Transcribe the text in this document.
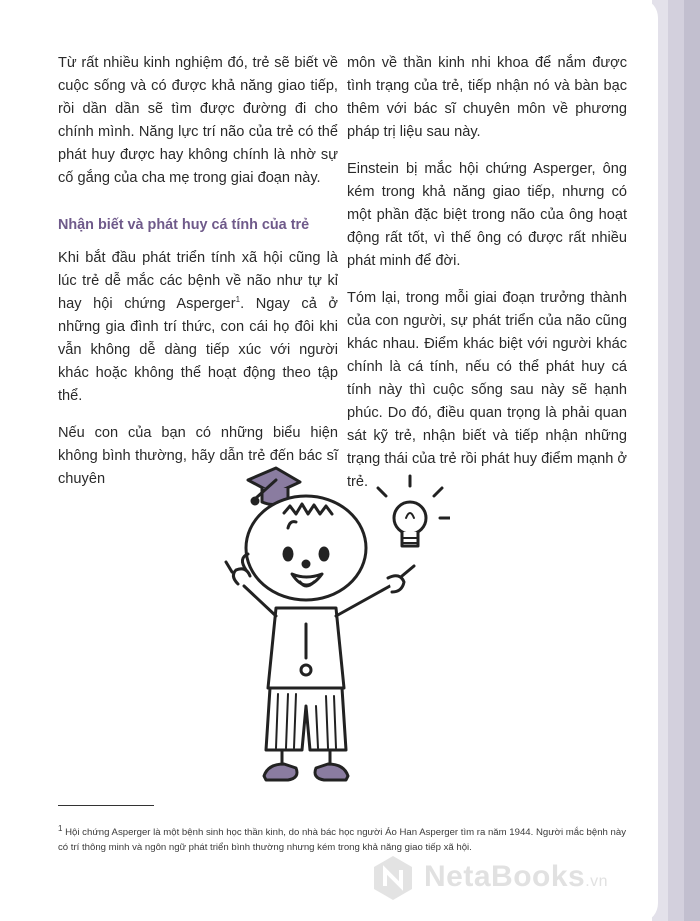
Từ rất nhiều kinh nghiệm đó, trẻ sẽ biết về cuộc sống và có được khả năng giao tiếp, rồi dần dần sẽ tìm được đường đi cho chính mình. Năng lực trí não của trẻ có thể phát huy được hay không chính là nhờ sự cố gắng của cha mẹ trong giai đoạn này.

Nhận biết và phát huy cá tính của trẻ

Khi bắt đầu phát triển tính xã hội cũng là lúc trẻ dễ mắc các bệnh về não như tự kỉ hay hội chứng Asperger$^1$. Ngay cả ở những gia đình trí thức, con cái họ đôi khi vẫn không dễ dàng tiếp xúc với người khác hoặc không thể hoạt động theo tập thể.

Nếu con của bạn có những biểu hiện không bình thường, hãy dẫn trẻ đến bác sĩ chuyên

môn về thần kinh nhi khoa để nắm được tình trạng của trẻ, tiếp nhận nó và bàn bạc thêm với bác sĩ chuyên môn về phương pháp trị liệu sau này.

Einstein bị mắc hội chứng Asperger, ông kém trong khả năng giao tiếp, nhưng có một phần đặc biệt trong não của ông hoạt động rất tốt, vì thế ông có được rất nhiều phát minh để đời.

Tóm lại, trong mỗi giai đoạn trưởng thành của con người, sự phát triển của não cũng khác nhau. Điểm khác biệt với người khác chính là cá tính, nếu có thể phát huy cá tính này thì cuộc sống sau này sẽ hạnh phúc. Do đó, điều quan trọng là phải quan sát kỹ trẻ, nhận biết và tiếp nhận những trạng thái của trẻ rồi phát huy điểm mạnh ở trẻ.

$^1$ Hội chứng Asperger là một bệnh sinh học thần kinh, do nhà bác học người Áo Han Asperger tìm ra năm 1944. Người mắc bệnh này có trí thông minh và ngôn ngữ phát triển bình thường nhưng kém trong khả năng giao tiếp xã hội.
NetaBooks.vn
